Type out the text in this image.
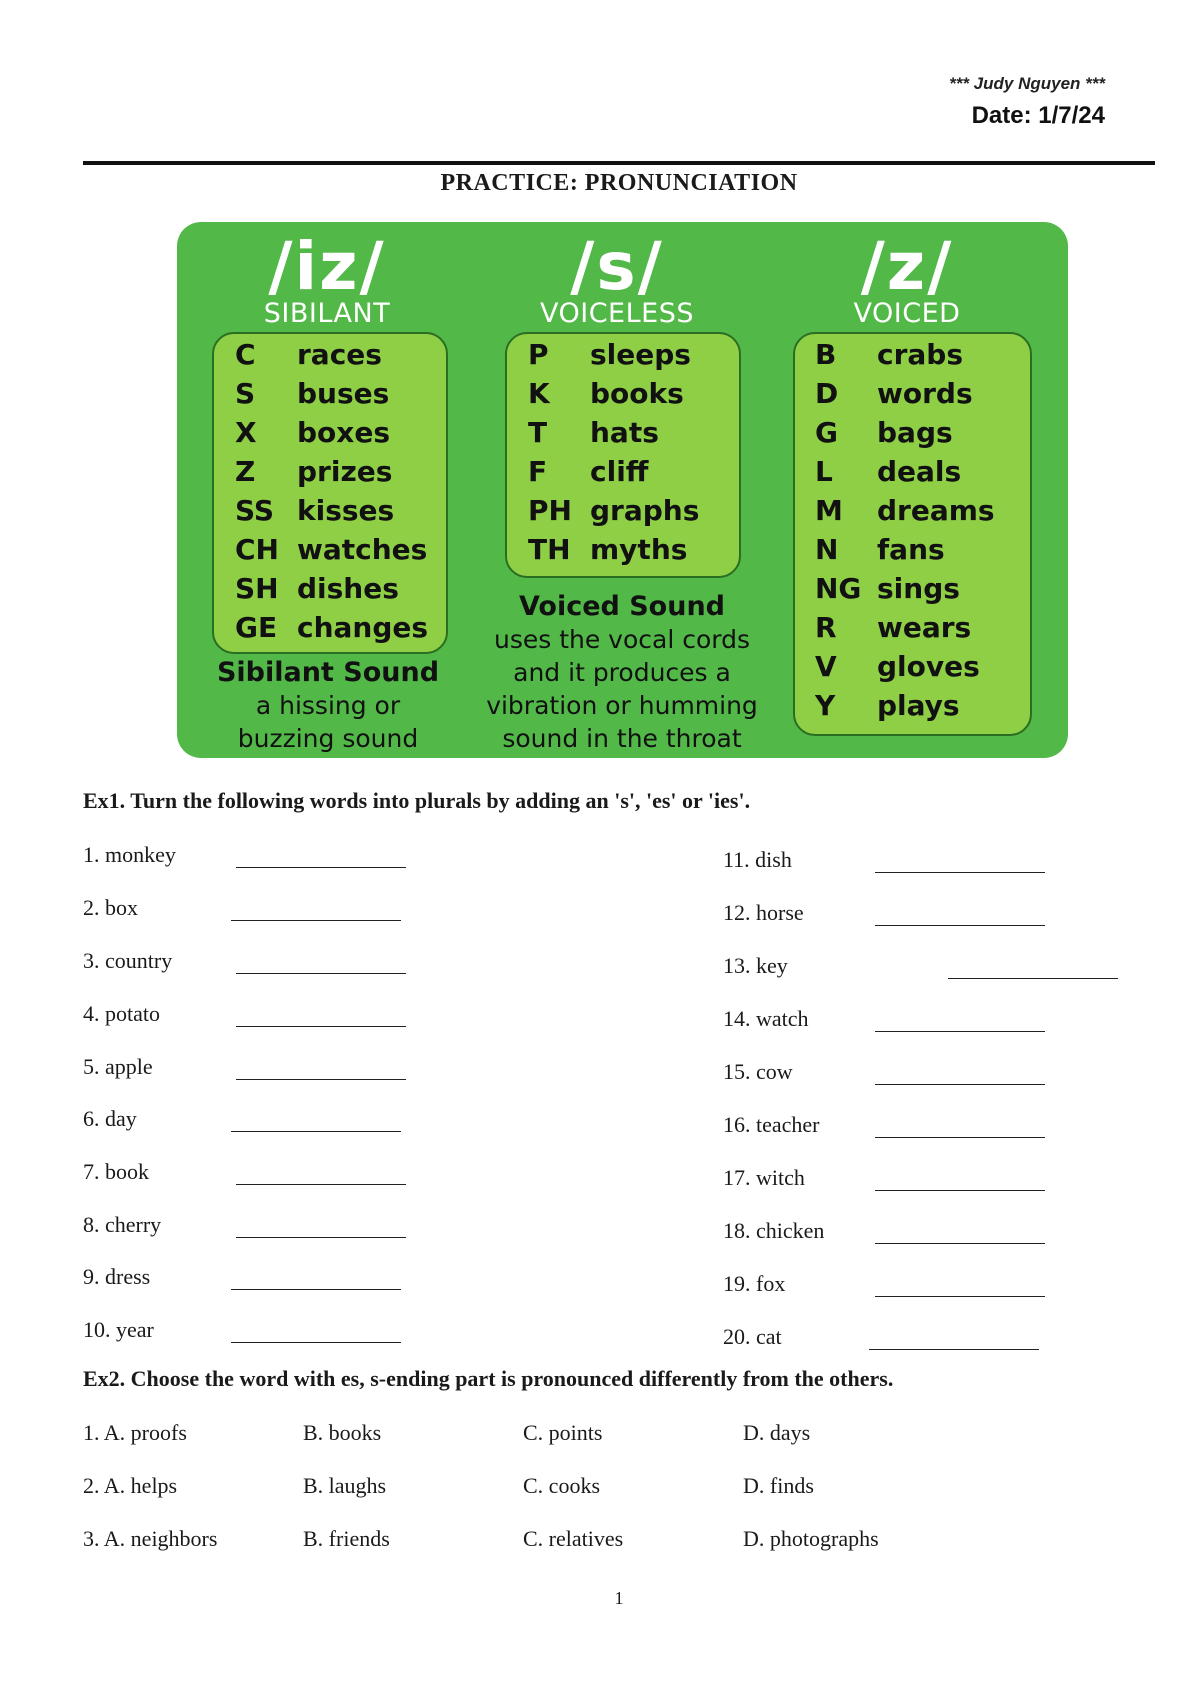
*** Judy Nguyen ***
Date: 1/7/24
PRACTICE: PRONUNCIATION
/iz/
SIBILANT
C races
S buses
X boxes
Z prizes
SS kisses
CH watches
SH dishes
GE changes
Sibilant Sound
a hissing or
buzzing sound
/s/
VOICELESS
P sleeps
K books
T hats
F cliff
PH graphs
TH myths
Voiced Sound
uses the vocal cords
and it produces a
vibration or humming
sound in the throat
/z/
VOICED
B crabs
D words
G bags
L deals
M dreams
N fans
NG sings
R wears
V gloves
Y plays
Ex1. Turn the following words into plurals by adding an 's', 'es' or 'ies'.
1. monkey
2. box
3. country
4. potato
5. apple
6. day
7. book
8. cherry
9. dress
10. year
11. dish
12. horse
13. key
14. watch
15. cow
16. teacher
17. witch
18. chicken
19. fox
20. cat
Ex2. Choose the word with es, s-ending part is pronounced differently from the others.
1. A. proofs	B. books	C. points	D. days
2. A. helps	B. laughs	C. cooks	D. finds
3. A. neighbors	B. friends	C. relatives	D. photographs
1
